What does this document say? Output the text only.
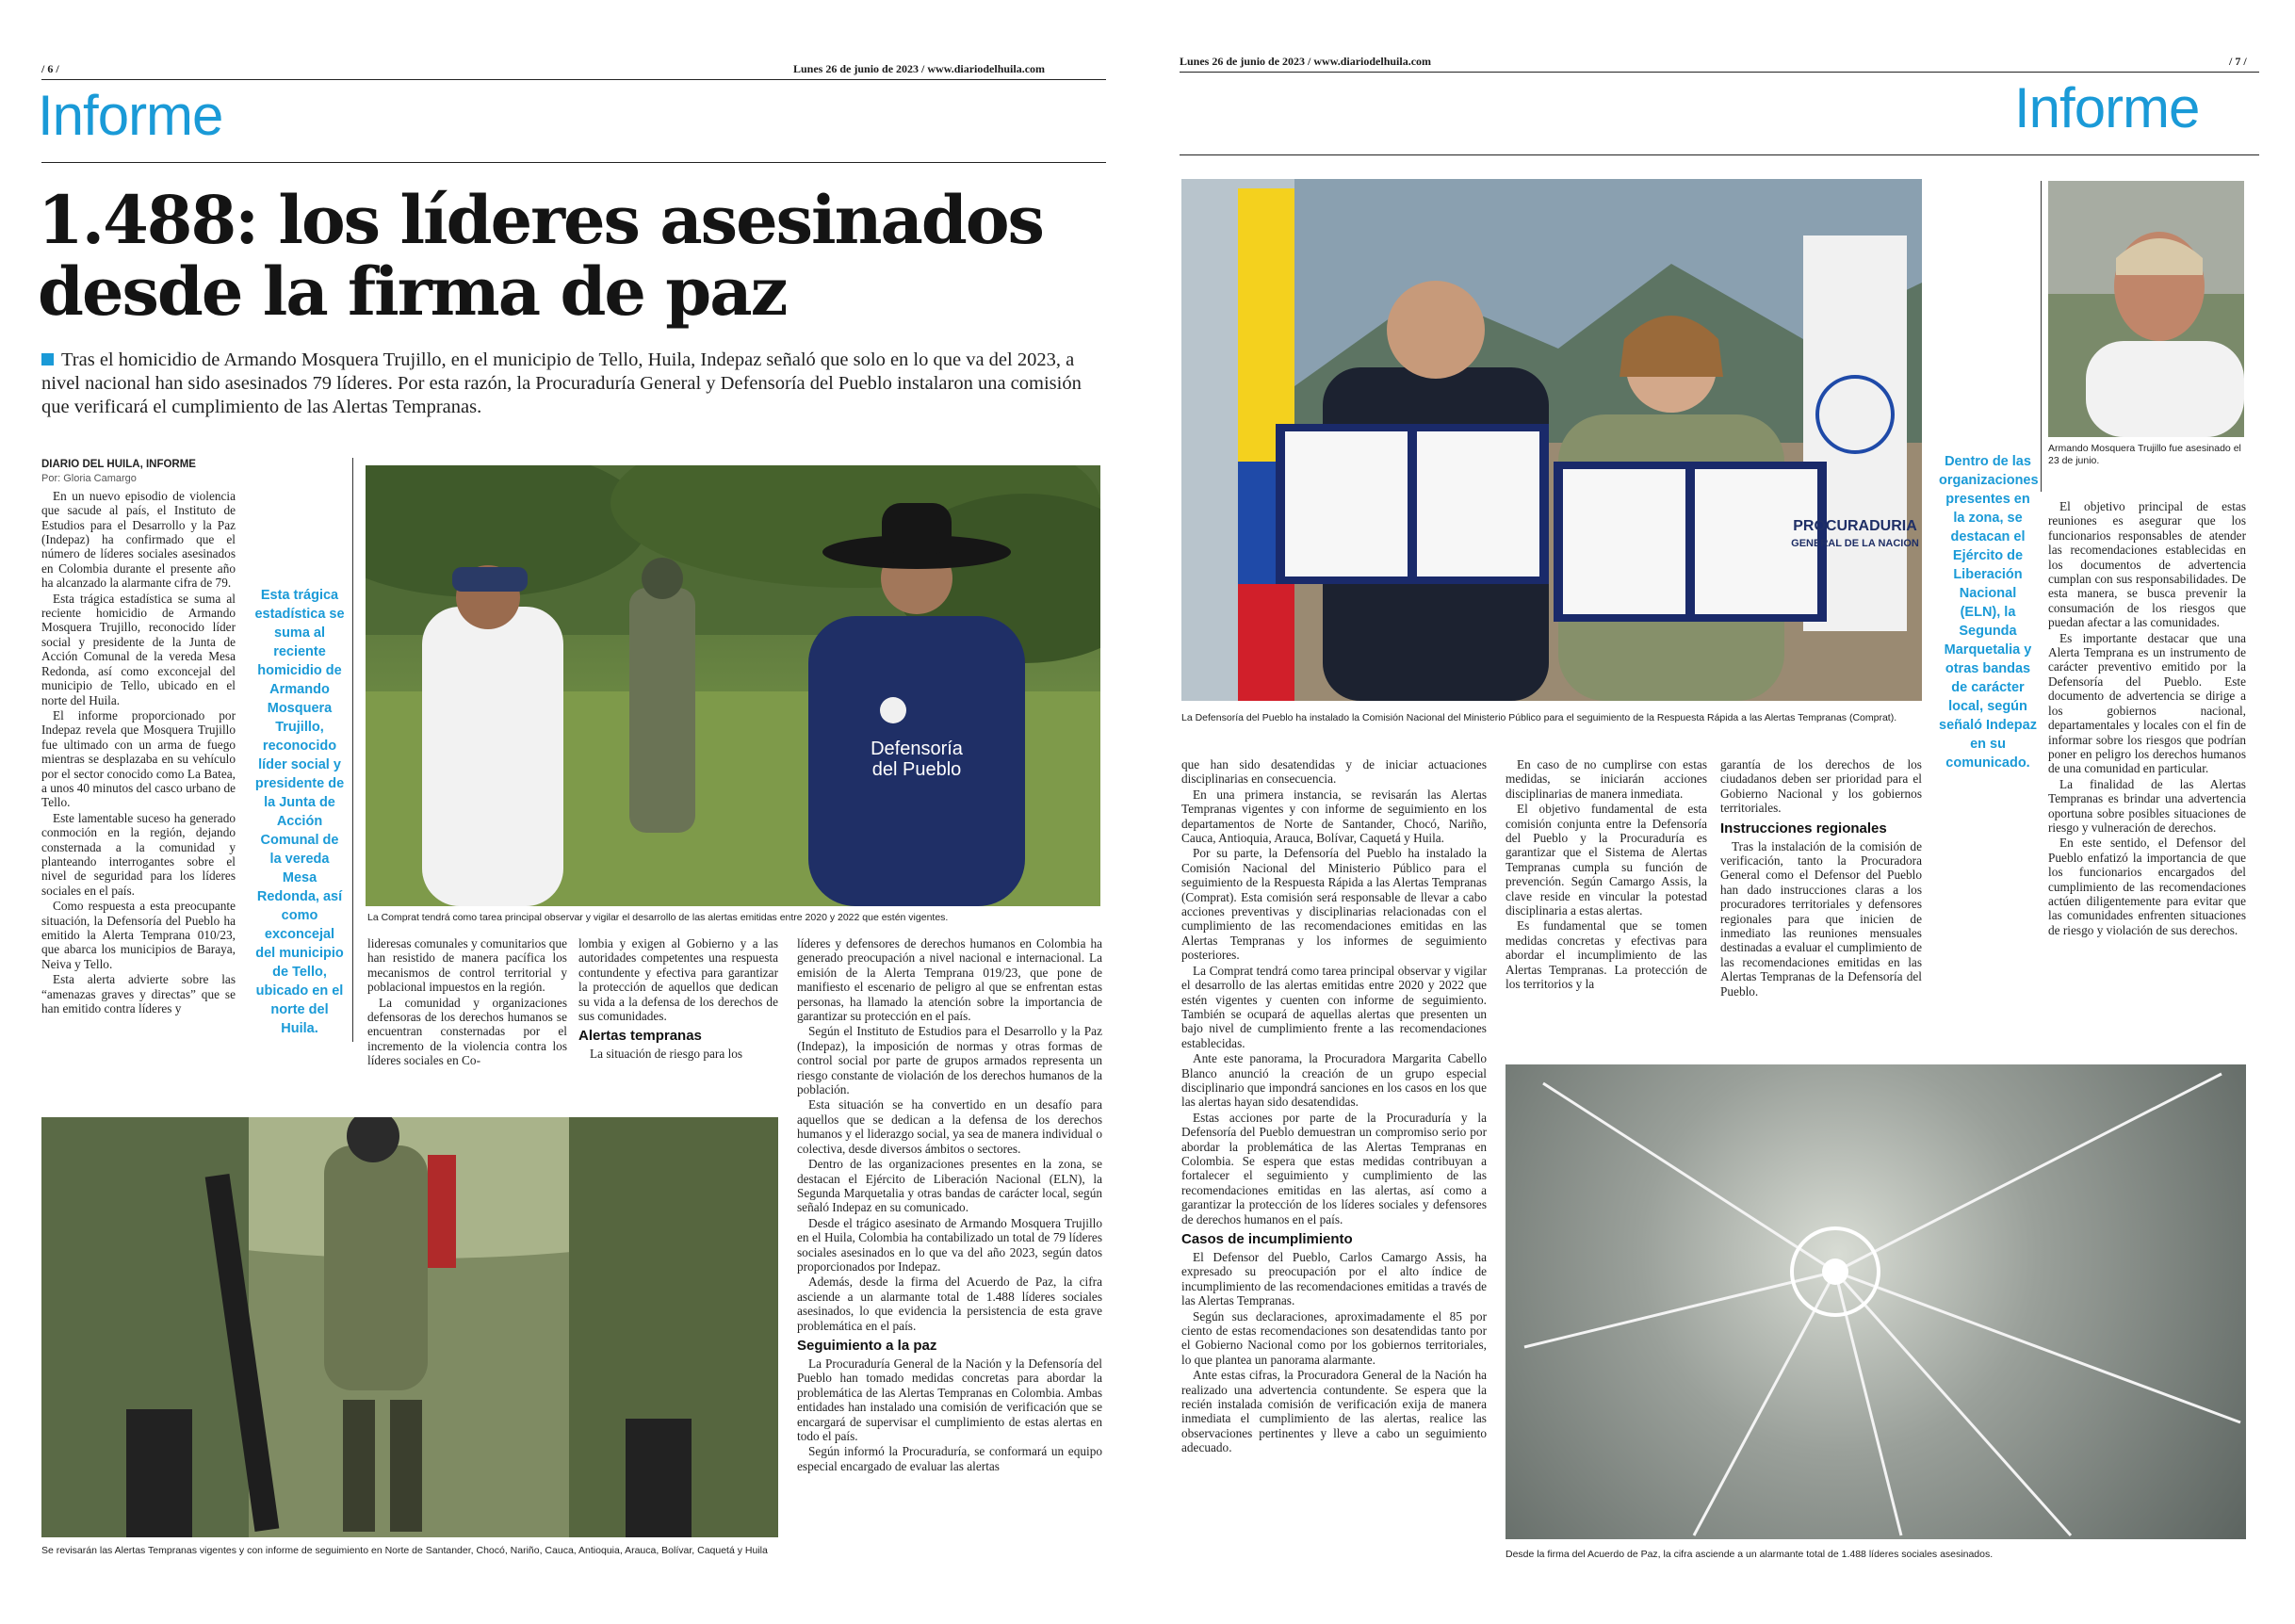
/ 6 /	Lunes 26 de junio de 2023 / www.diariodelhuila.com
Informe
1.488: los líderes asesinados
desde la firma de paz
Tras el homicidio de Armando Mosquera Trujillo, en el municipio de Tello, Huila, Indepaz señaló que solo en lo que va del 2023, a nivel nacional han sido asesinados 79 líderes. Por esta razón, la Procuraduría General y Defensoría del Pueblo instalaron una comisión que verificará el cumplimiento de las Alertas Tempranas.
DIARIO DEL HUILA, INFORME
Por: Gloria Camargo

En un nuevo episodio de violencia que sacude al país, el Instituto de Estudios para el Desarrollo y la Paz (Indepaz) ha confirmado que el número de líderes sociales asesinados en Colombia durante el presente año ha alcanzado la alarmante cifra de 79.

Esta trágica estadística se suma al reciente homicidio de Armando Mosquera Trujillo, reconocido líder social y presidente de la Junta de Acción Comunal de la vereda Mesa Redonda, así como exconcejal del municipio de Tello, ubicado en el norte del Huila.

El informe proporcionado por Indepaz revela que Mosquera Trujillo fue ultimado con un arma de fuego mientras se desplazaba en su vehículo por el sector conocido como La Batea, a unos 40 minutos del casco urbano de Tello.

Este lamentable suceso ha generado conmoción en la región, dejando consternada a la comunidad y planteando interrogantes sobre el nivel de seguridad para los líderes sociales en el país.

Como respuesta a esta preocupante situación, la Defensoría del Pueblo ha emitido la Alerta Temprana 010/23, que abarca los municipios de Baraya, Neiva y Tello.

Esta alerta advierte sobre las “amenazas graves y directas” que se han emitido contra líderes y

Esta trágica estadística se suma al reciente homicidio de Armando Mosquera Trujillo, reconocido líder social y presidente de la Junta de Acción Comunal de la vereda Mesa Redonda, así como exconcejal del municipio de Tello, ubicado en el norte del Huila.
Defensoría
del Pueblo
La Comprat tendrá como tarea principal observar y vigilar el desarrollo de las alertas emitidas entre 2020 y 2022 que estén vigentes.

lideresas comunales y comunitarios que han resistido de manera pacífica los mecanismos de control territorial y poblacional impuestos en la región.

La comunidad y organizaciones defensoras de los derechos humanos se encuentran consternadas por el incremento de la violencia contra los líderes sociales en Co-

lombia y exigen al Gobierno y a las autoridades competentes una respuesta contundente y efectiva para garantizar la protección de aquellos que dedican su vida a la defensa de los derechos de sus comunidades.

Alertas tempranas

La situación de riesgo para los

líderes y defensores de derechos humanos en Colombia ha generado preocupación a nivel nacional e internacional. La emisión de la Alerta Temprana 019/23, que pone de manifiesto el escenario de peligro al que se enfrentan estas personas, ha llamado la atención sobre la importancia de garantizar su protección en el país.

Según el Instituto de Estudios para el Desarrollo y la Paz (Indepaz), la imposición de normas y otras formas de control social por parte de grupos armados representa un riesgo constante de violación de los derechos humanos de la población.

Esta situación se ha convertido en un desafío para aquellos que se dedican a la defensa de los derechos humanos y el liderazgo social, ya sea de manera individual o colectiva, desde diversos ámbitos o sectores.

Dentro de las organizaciones presentes en la zona, se destacan el Ejército de Liberación Nacional (ELN), la Segunda Marquetalia y otras bandas de carácter local, según señaló Indepaz en su comunicado.

Desde el trágico asesinato de Armando Mosquera Trujillo en el Huila, Colombia ha contabilizado un total de 79 líderes sociales asesinados en lo que va del año 2023, según datos proporcionados por Indepaz.

Además, desde la firma del Acuerdo de Paz, la cifra asciende a un alarmante total de 1.488 líderes sociales asesinados, lo que evidencia la persistencia de esta grave problemática en el país.

Seguimiento a la paz

La Procuraduría General de la Nación y la Defensoría del Pueblo han tomado medidas concretas para abordar la problemática de las Alertas Tempranas en Colombia. Ambas entidades han instalado una comisión de verificación que se encargará de supervisar el cumplimiento de estas alertas en todo el país.

Según informó la Procuraduría, se conformará un equipo especial encargado de evaluar las alertas

Se revisarán las Alertas Tempranas vigentes y con informe de seguimiento en Norte de Santander, Chocó, Nariño, Cauca, Antioquia, Arauca, Bolívar, Caquetá y Huila
Lunes 26 de junio de 2023 / www.diariodelhuila.com	/ 7 /
Informe
PROCURADURIA
GENERAL DE LA NACION
La Defensoría del Pueblo ha instalado la Comisión Nacional del Ministerio Público para el seguimiento de la Respuesta Rápida a las Alertas Tempranas (Comprat).
Dentro de las organizaciones presentes en la zona, se destacan el Ejército de Liberación Nacional (ELN), la Segunda Marquetalia y otras bandas de carácter local, según señaló Indepaz en su comunicado.
Armando Mosquera Trujillo fue asesinado el 23 de junio.

El objetivo principal de estas reuniones es asegurar que los funcionarios responsables de atender las recomendaciones establecidas en los documentos de advertencia cumplan con sus responsabilidades. De esta manera, se busca prevenir la consumación de los riesgos que puedan afectar a las comunidades.

Es importante destacar que una Alerta Temprana es un instrumento de carácter preventivo emitido por la Defensoría del Pueblo. Este documento de advertencia se dirige a los gobiernos nacional, departamentales y locales con el fin de informar sobre los riesgos que podrían poner en peligro los derechos humanos de una comunidad en particular.

La finalidad de las Alertas Tempranas es brindar una advertencia oportuna sobre posibles situaciones de riesgo y vulneración de derechos.

En este sentido, el Defensor del Pueblo enfatizó la importancia de que los funcionarios encargados del cumplimiento de las recomendaciones actúen diligentemente para evitar que las comunidades enfrenten situaciones de riesgo y violación de sus derechos.

que han sido desatendidas y de iniciar actuaciones disciplinarias en consecuencia.

En una primera instancia, se revisarán las Alertas Tempranas vigentes y con informe de seguimiento en los departamentos de Norte de Santander, Chocó, Nariño, Cauca, Antioquia, Arauca, Bolívar, Caquetá y Huila.

Por su parte, la Defensoría del Pueblo ha instalado la Comisión Nacional del Ministerio Público para el seguimiento de la Respuesta Rápida a las Alertas Tempranas (Comprat). Esta comisión será responsable de llevar a cabo acciones preventivas y disciplinarias relacionadas con el cumplimiento de las recomendaciones emitidas en las Alertas Tempranas y los informes de seguimiento posteriores.

La Comprat tendrá como tarea principal observar y vigilar el desarrollo de las alertas emitidas entre 2020 y 2022 que estén vigentes y cuenten con informe de seguimiento. También se ocupará de aquellas alertas que presenten un bajo nivel de cumplimiento frente a las recomendaciones establecidas.

Ante este panorama, la Procuradora Margarita Cabello Blanco anunció la creación de un grupo especial disciplinario que impondrá sanciones en los casos en los que las alertas hayan sido desatendidas.

Estas acciones por parte de la Procuraduría y la Defensoría del Pueblo demuestran un compromiso serio por abordar la problemática de las Alertas Tempranas en Colombia. Se espera que estas medidas contribuyan a fortalecer el seguimiento y cumplimiento de las recomendaciones emitidas en las alertas, así como a garantizar la protección de los líderes sociales y defensores de derechos humanos en el país.

Casos de incumplimiento

El Defensor del Pueblo, Carlos Camargo Assis, ha expresado su preocupación por el alto índice de incumplimiento de las recomendaciones emitidas a través de las Alertas Tempranas.

Según sus declaraciones, aproximadamente el 85 por ciento de estas recomendaciones son desatendidas tanto por el Gobierno Nacional como por los gobiernos territoriales, lo que plantea un panorama alarmante.

Ante estas cifras, la Procuradora General de la Nación ha realizado una advertencia contundente. Se espera que la recién instalada comisión de verificación exija de manera inmediata el cumplimiento de las alertas, realice las observaciones pertinentes y lleve a cabo un seguimiento adecuado.

En caso de no cumplirse con estas medidas, se iniciarán acciones disciplinarias de manera inmediata.

El objetivo fundamental de esta comisión conjunta entre la Defensoría del Pueblo y la Procuraduría es garantizar que el Sistema de Alertas Tempranas cumpla su función de prevención. Según Camargo Assis, la clave reside en vincular la potestad disciplinaria a estas alertas.

Es fundamental que se tomen medidas concretas y efectivas para abordar el incumplimiento de las Alertas Tempranas. La protección de los territorios y la

garantía de los derechos de los ciudadanos deben ser prioridad para el Gobierno Nacional y los gobiernos territoriales.

Instrucciones regionales

Tras la instalación de la comisión de verificación, tanto la Procuradora General como el Defensor del Pueblo han dado instrucciones claras a los procuradores territoriales y defensores regionales para que inicien de inmediato las reuniones mensuales destinadas a evaluar el cumplimiento de las recomendaciones emitidas en las Alertas Tempranas de la Defensoría del Pueblo.

Desde la firma del Acuerdo de Paz, la cifra asciende a un alarmante total de 1.488 líderes sociales asesinados.
